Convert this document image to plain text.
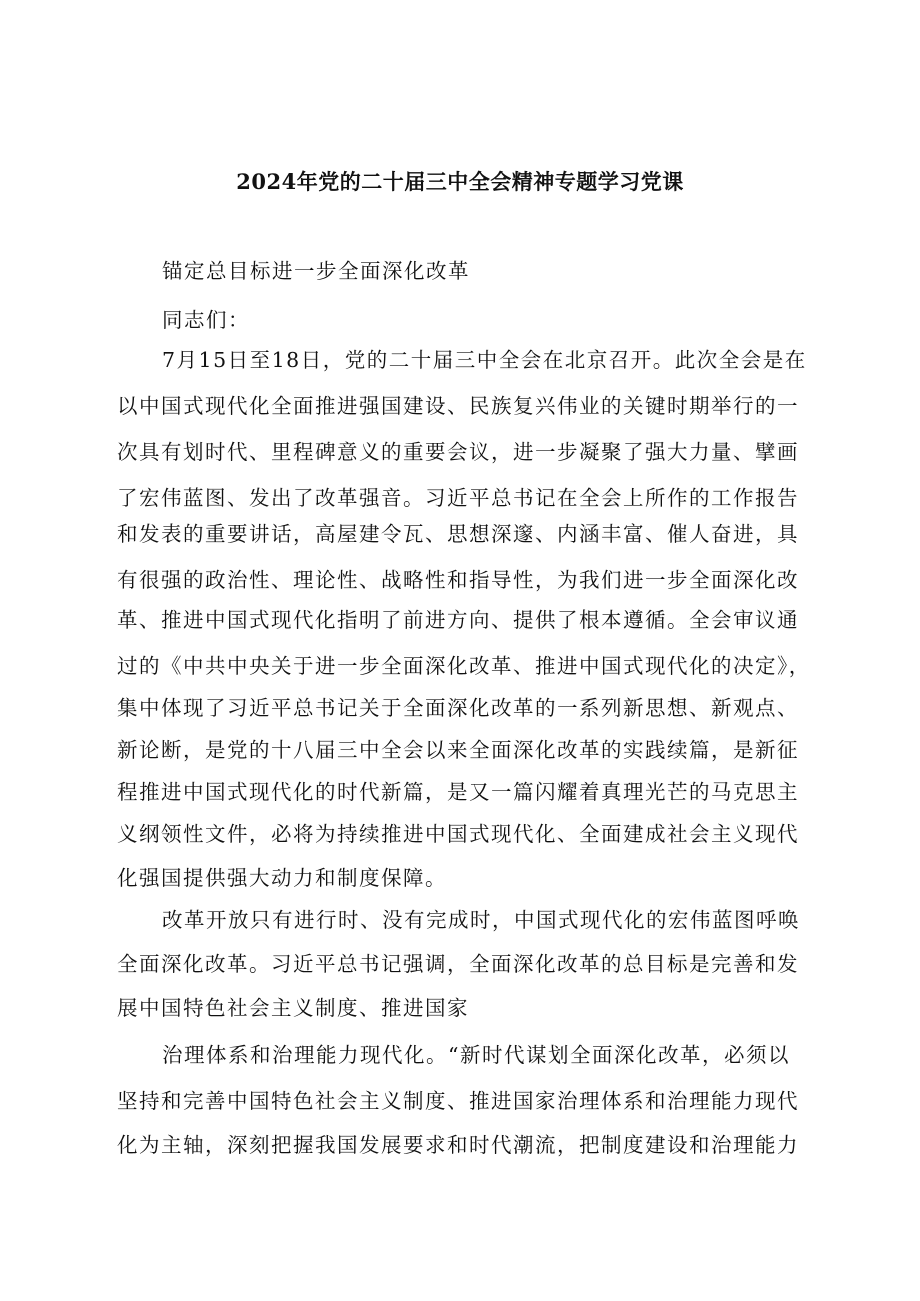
2024年党的二十届三中全会精神专题学习党课
锚定总目标进一步全面深化改革
同志们：
7月15日至18日，党的二十届三中全会在北京召开。此次全会是在
以中国式现代化全面推进强国建设、民族复兴伟业的关键时期举行的一
次具有划时代、里程碑意义的重要会议，进一步凝聚了强大力量、擘画
了宏伟蓝图、发出了改革强音。习近平总书记在全会上所作的工作报告
和发表的重要讲话，高屋建令瓦、思想深邃、内涵丰富、催人奋进，具
有很强的政治性、理论性、战略性和指导性，为我们进一步全面深化改
革、推进中国式现代化指明了前进方向、提供了根本遵循。全会审议通
过的《中共中央关于进一步全面深化改革、推进中国式现代化的决定》，
集中体现了习近平总书记关于全面深化改革的一系列新思想、新观点、
新论断，是党的十八届三中全会以来全面深化改革的实践续篇，是新征
程推进中国式现代化的时代新篇，是又一篇闪耀着真理光芒的马克思主
义纲领性文件，必将为持续推进中国式现代化、全面建成社会主义现代
化强国提供强大动力和制度保障。
改革开放只有进行时、没有完成时，中国式现代化的宏伟蓝图呼唤
全面深化改革。习近平总书记强调，全面深化改革的总目标是完善和发
展中国特色社会主义制度、推进国家
治理体系和治理能力现代化。“新时代谋划全面深化改革，必须以
坚持和完善中国特色社会主义制度、推进国家治理体系和治理能力现代
化为主轴，深刻把握我国发展要求和时代潮流，把制度建设和治理能力
